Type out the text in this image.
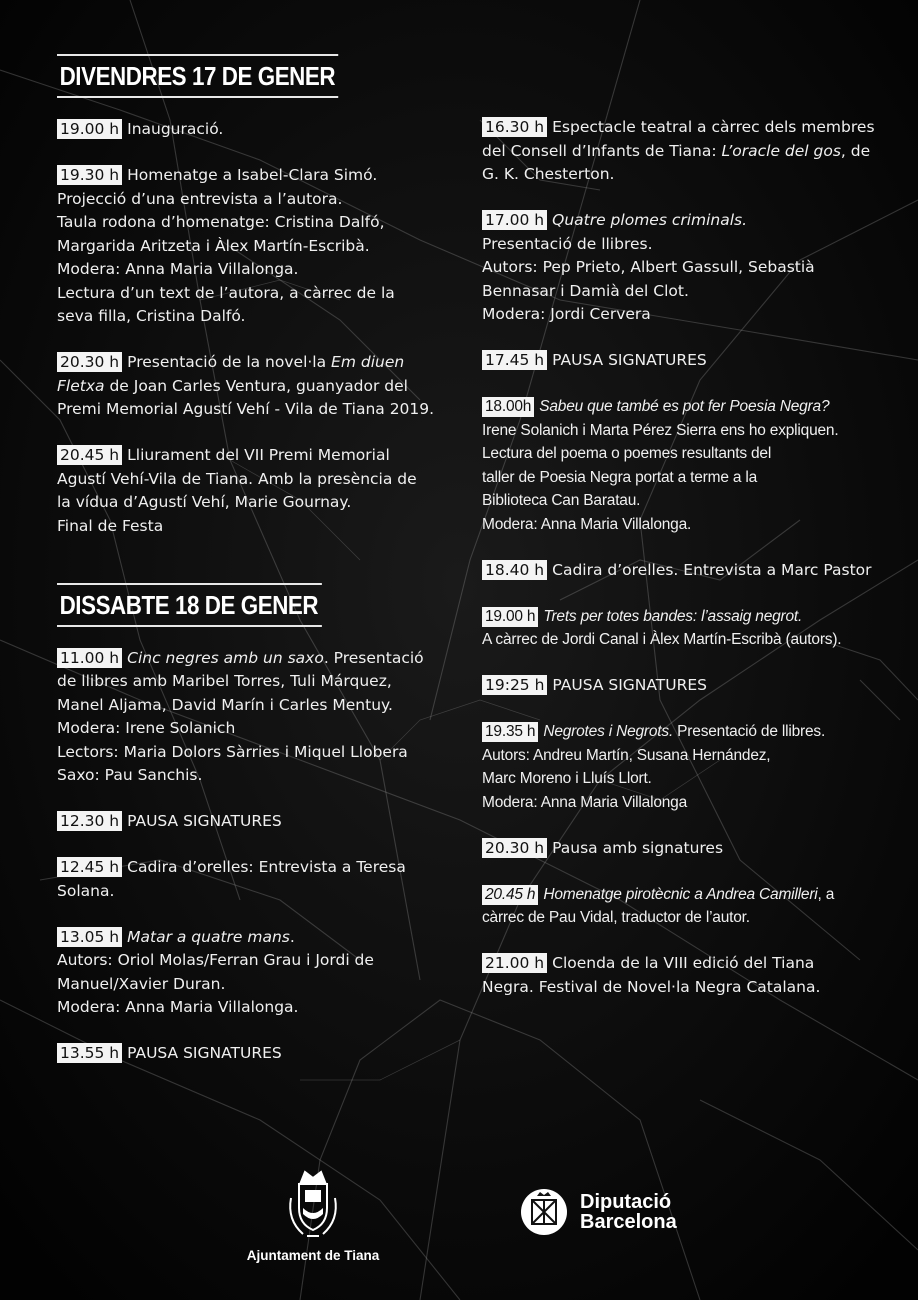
DIVENDRES 17 DE GENER
19.00 h Inauguració.
19.30 h Homenatge a Isabel-Clara Simó.
Projecció d’una entrevista a l’autora.
Taula rodona d’homenatge: Cristina Dalfó,
Margarida Aritzeta i Àlex Martín-Escribà.
Modera: Anna Maria Villalonga.
Lectura d’un text de l’autora, a càrrec de la
seva filla, Cristina Dalfó.
20.30 h Presentació de la novel·la Em diuen
Fletxa de Joan Carles Ventura, guanyador del
Premi Memorial Agustí Vehí - Vila de Tiana 2019.
20.45 h Lliurament del VII Premi Memorial
Agustí Vehí-Vila de Tiana. Amb la presència de
la vídua d’Agustí Vehí, Marie Gournay.
Final de Festa
DISSABTE 18 DE GENER
11.00 h Cinc negres amb un saxo. Presentació
de llibres amb Maribel Torres, Tuli Márquez,
Manel Aljama, David Marín i Carles Mentuy.
Modera: Irene Solanich
Lectors: Maria Dolors Sàrries i Miquel Llobera
Saxo: Pau Sanchis.
12.30 h PAUSA SIGNATURES
12.45 h Cadira d’orelles: Entrevista a Teresa
Solana.
13.05 h Matar a quatre mans.
Autors: Oriol Molas/Ferran Grau i Jordi de
Manuel/Xavier Duran.
Modera: Anna Maria Villalonga.
13.55 h PAUSA SIGNATURES
16.30 h Espectacle teatral a càrrec dels membres
del Consell d’Infants de Tiana: L’oracle del gos, de
G. K. Chesterton.
17.00 h Quatre plomes criminals.
Presentació de llibres.
Autors: Pep Prieto, Albert Gassull, Sebastià
Bennasar i Damià del Clot.
Modera: Jordi Cervera
17.45 h PAUSA SIGNATURES
18.00h Sabeu que també es pot fer Poesia Negra?
Irene Solanich i Marta Pérez Sierra ens ho expliquen.
Lectura del poema o poemes resultants del
taller de Poesia Negra portat a terme a la
Biblioteca Can Baratau.
Modera: Anna Maria Villalonga.
18.40 h Cadira d’orelles. Entrevista a Marc Pastor
19.00 h Trets per totes bandes: l’assaig negrot.
A càrrec de Jordi Canal i Àlex Martín-Escribà (autors).
19:25 h PAUSA SIGNATURES
19.35 h Negrotes i Negrots. Presentació de llibres.
Autors: Andreu Martín, Susana Hernández,
Marc Moreno i Lluís Llort.
Modera: Anna Maria Villalonga
20.30 h Pausa amb signatures
20.45 h Homenatge pirotècnic a Andrea Camilleri, a
càrrec de Pau Vidal, traductor de l’autor.
21.00 h Cloenda de la VIII edició del Tiana
Negra. Festival de Novel·la Negra Catalana.
Ajuntament de Tiana
Diputació
Barcelona
